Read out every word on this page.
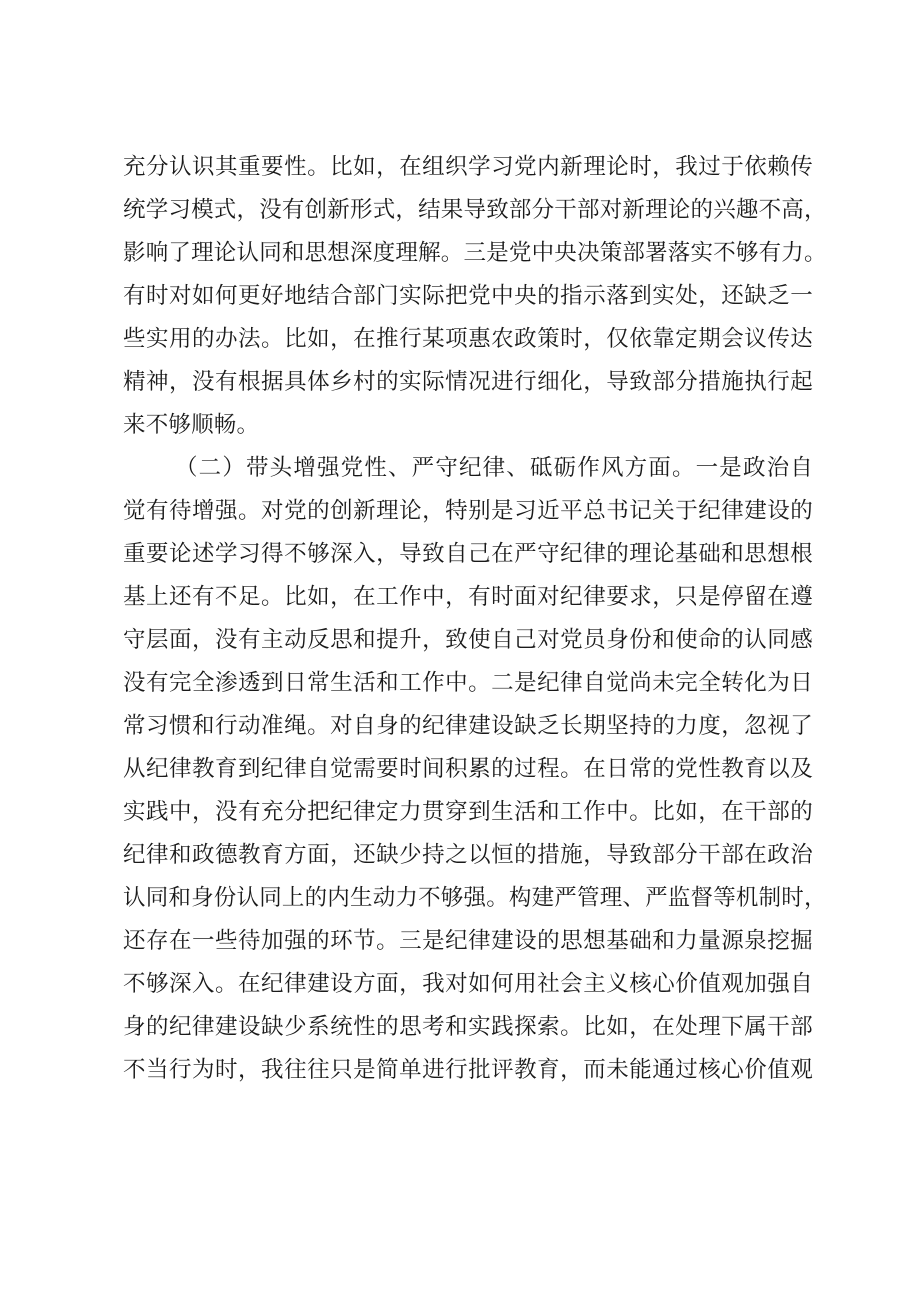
充分认识其重要性。比如，在组织学习党内新理论时，我过于依赖传
统学习模式，没有创新形式，结果导致部分干部对新理论的兴趣不高，
影响了理论认同和思想深度理解。三是党中央决策部署落实不够有力。
有时对如何更好地结合部门实际把党中央的指示落到实处，还缺乏一
些实用的办法。比如，在推行某项惠农政策时，仅依靠定期会议传达
精神，没有根据具体乡村的实际情况进行细化，导致部分措施执行起
来不够顺畅。
（二）带头增强党性、严守纪律、砥砺作风方面。一是政治自
觉有待增强。对党的创新理论，特别是习近平总书记关于纪律建设的
重要论述学习得不够深入，导致自己在严守纪律的理论基础和思想根
基上还有不足。比如，在工作中，有时面对纪律要求，只是停留在遵
守层面，没有主动反思和提升，致使自己对党员身份和使命的认同感
没有完全渗透到日常生活和工作中。二是纪律自觉尚未完全转化为日
常习惯和行动准绳。对自身的纪律建设缺乏长期坚持的力度，忽视了
从纪律教育到纪律自觉需要时间积累的过程。在日常的党性教育以及
实践中，没有充分把纪律定力贯穿到生活和工作中。比如，在干部的
纪律和政德教育方面，还缺少持之以恒的措施，导致部分干部在政治
认同和身份认同上的内生动力不够强。构建严管理、严监督等机制时，
还存在一些待加强的环节。三是纪律建设的思想基础和力量源泉挖掘
不够深入。在纪律建设方面，我对如何用社会主义核心价值观加强自
身的纪律建设缺少系统性的思考和实践探索。比如，在处理下属干部
不当行为时，我往往只是简单进行批评教育，而未能通过核心价值观
